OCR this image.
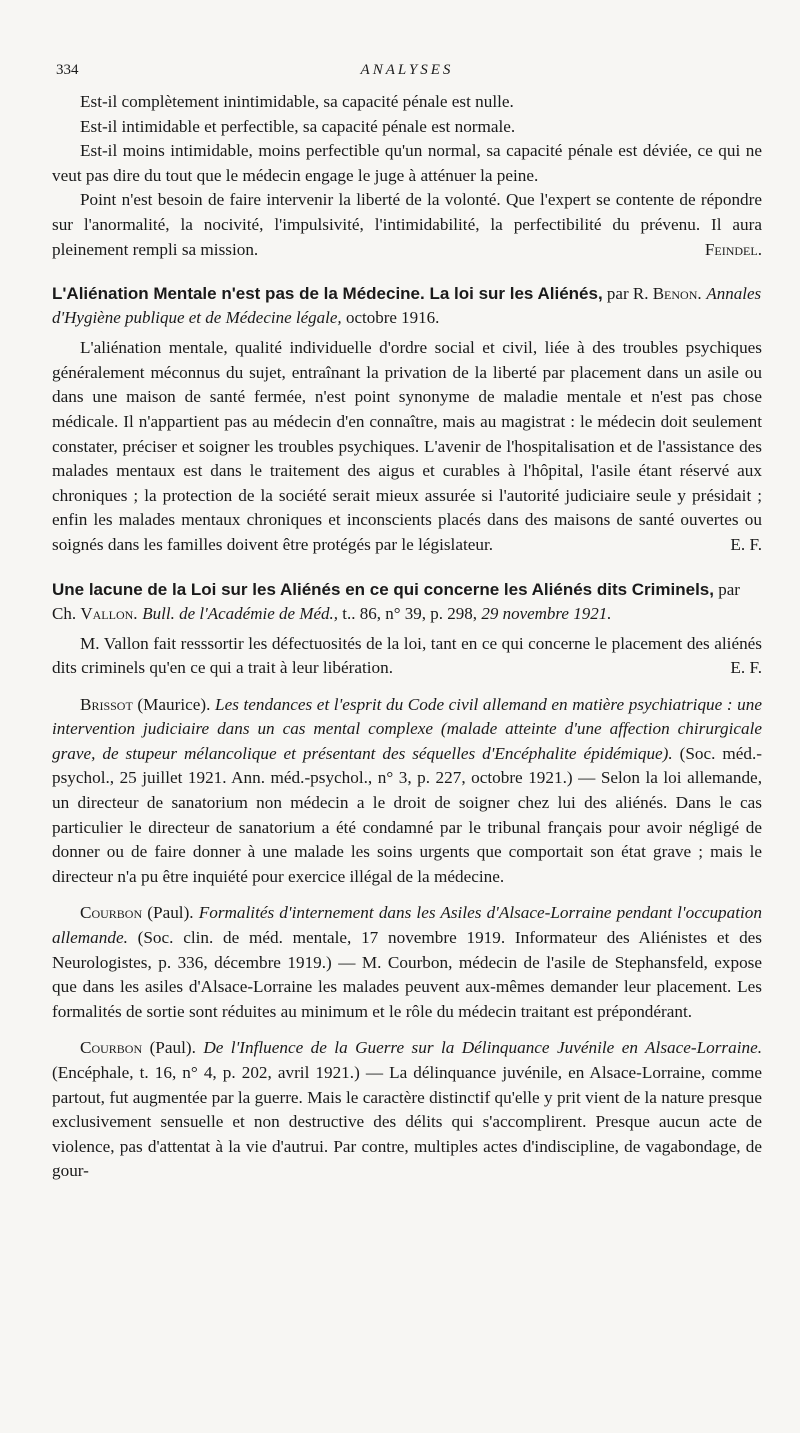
334	ANALYSES

Est-il complètement inintimidable, sa capacité pénale est nulle.

Est-il intimidable et perfectible, sa capacité pénale est normale.

Est-il moins intimidable, moins perfectible qu'un normal, sa capacité pénale est déviée, ce qui ne veut pas dire du tout que le médecin engage le juge à atténuer la peine.

Point n'est besoin de faire intervenir la liberté de la volonté. Que l'expert se contente de répondre sur l'anormalité, la nocivité, l'impulsivité, l'intimidabilité, la perfectibilité du prévenu. Il aura pleinement rempli sa mission.	Feindel.

L'Aliénation Mentale n'est pas de la Médecine. La loi sur les Aliénés, par R. Benon. Annales d'Hygiène publique et de Médecine légale, octobre 1916.

L'aliénation mentale, qualité individuelle d'ordre social et civil, liée à des troubles psychiques généralement méconnus du sujet, entraînant la privation de la liberté par placement dans un asile ou dans une maison de santé fermée, n'est point synonyme de maladie mentale et n'est pas chose médicale. Il n'appartient pas au médecin d'en connaître, mais au magistrat : le médecin doit seulement constater, préciser et soigner les troubles psychiques. L'avenir de l'hospitalisation et de l'assistance des malades mentaux est dans le traitement des aigus et curables à l'hôpital, l'asile étant réservé aux chroniques ; la protection de la société serait mieux assurée si l'autorité judiciaire seule y présidait ; enfin les malades mentaux chroniques et inconscients placés dans des maisons de santé ouvertes ou soignés dans les familles doivent être protégés par le législateur.	E. F.

Une lacune de la Loi sur les Aliénés en ce qui concerne les Aliénés dits Criminels, par Ch. Vallon. Bull. de l'Académie de Méd., t.. 86, n° 39, p. 298, 29 novembre 1921.

M. Vallon fait resssortir les défectuosités de la loi, tant en ce qui concerne le placement des aliénés dits criminels qu'en ce qui a trait à leur libération.	E. F.

Brissot (Maurice). Les tendances et l'esprit du Code civil allemand en matière psychiatrique : une intervention judiciaire dans un cas mental complexe (malade atteinte d'une affection chirurgicale grave, de stupeur mélancolique et présentant des séquelles d'Encéphalite épidémique). (Soc. méd.-psychol., 25 juillet 1921. Ann. méd.-psychol., n° 3, p. 227, octobre 1921.) — Selon la loi allemande, un directeur de sanatorium non médecin a le droit de soigner chez lui des aliénés. Dans le cas particulier le directeur de sanatorium a été condamné par le tribunal français pour avoir négligé de donner ou de faire donner à une malade les soins urgents que comportait son état grave ; mais le directeur n'a pu être inquiété pour exercice illégal de la médecine.

Courbon (Paul). Formalités d'internement dans les Asiles d'Alsace-Lorraine pendant l'occupation allemande. (Soc. clin. de méd. mentale, 17 novembre 1919. Informateur des Aliénistes et des Neurologistes, p. 336, décembre 1919.) — M. Courbon, médecin de l'asile de Stephansfeld, expose que dans les asiles d'Alsace-Lorraine les malades peuvent aux-mêmes demander leur placement. Les formalités de sortie sont réduites au minimum et le rôle du médecin traitant est prépondérant.

Courbon (Paul). De l'Influence de la Guerre sur la Délinquance Juvénile en Alsace-Lorraine. (Encéphale, t. 16, n° 4, p. 202, avril 1921.) — La délinquance juvénile, en Alsace-Lorraine, comme partout, fut augmentée par la guerre. Mais le caractère distinctif qu'elle y prit vient de la nature presque exclusivement sensuelle et non destructive des délits qui s'accomplirent. Presque aucun acte de violence, pas d'attentat à la vie d'autrui. Par contre, multiples actes d'indiscipline, de vagabondage, de gour-
